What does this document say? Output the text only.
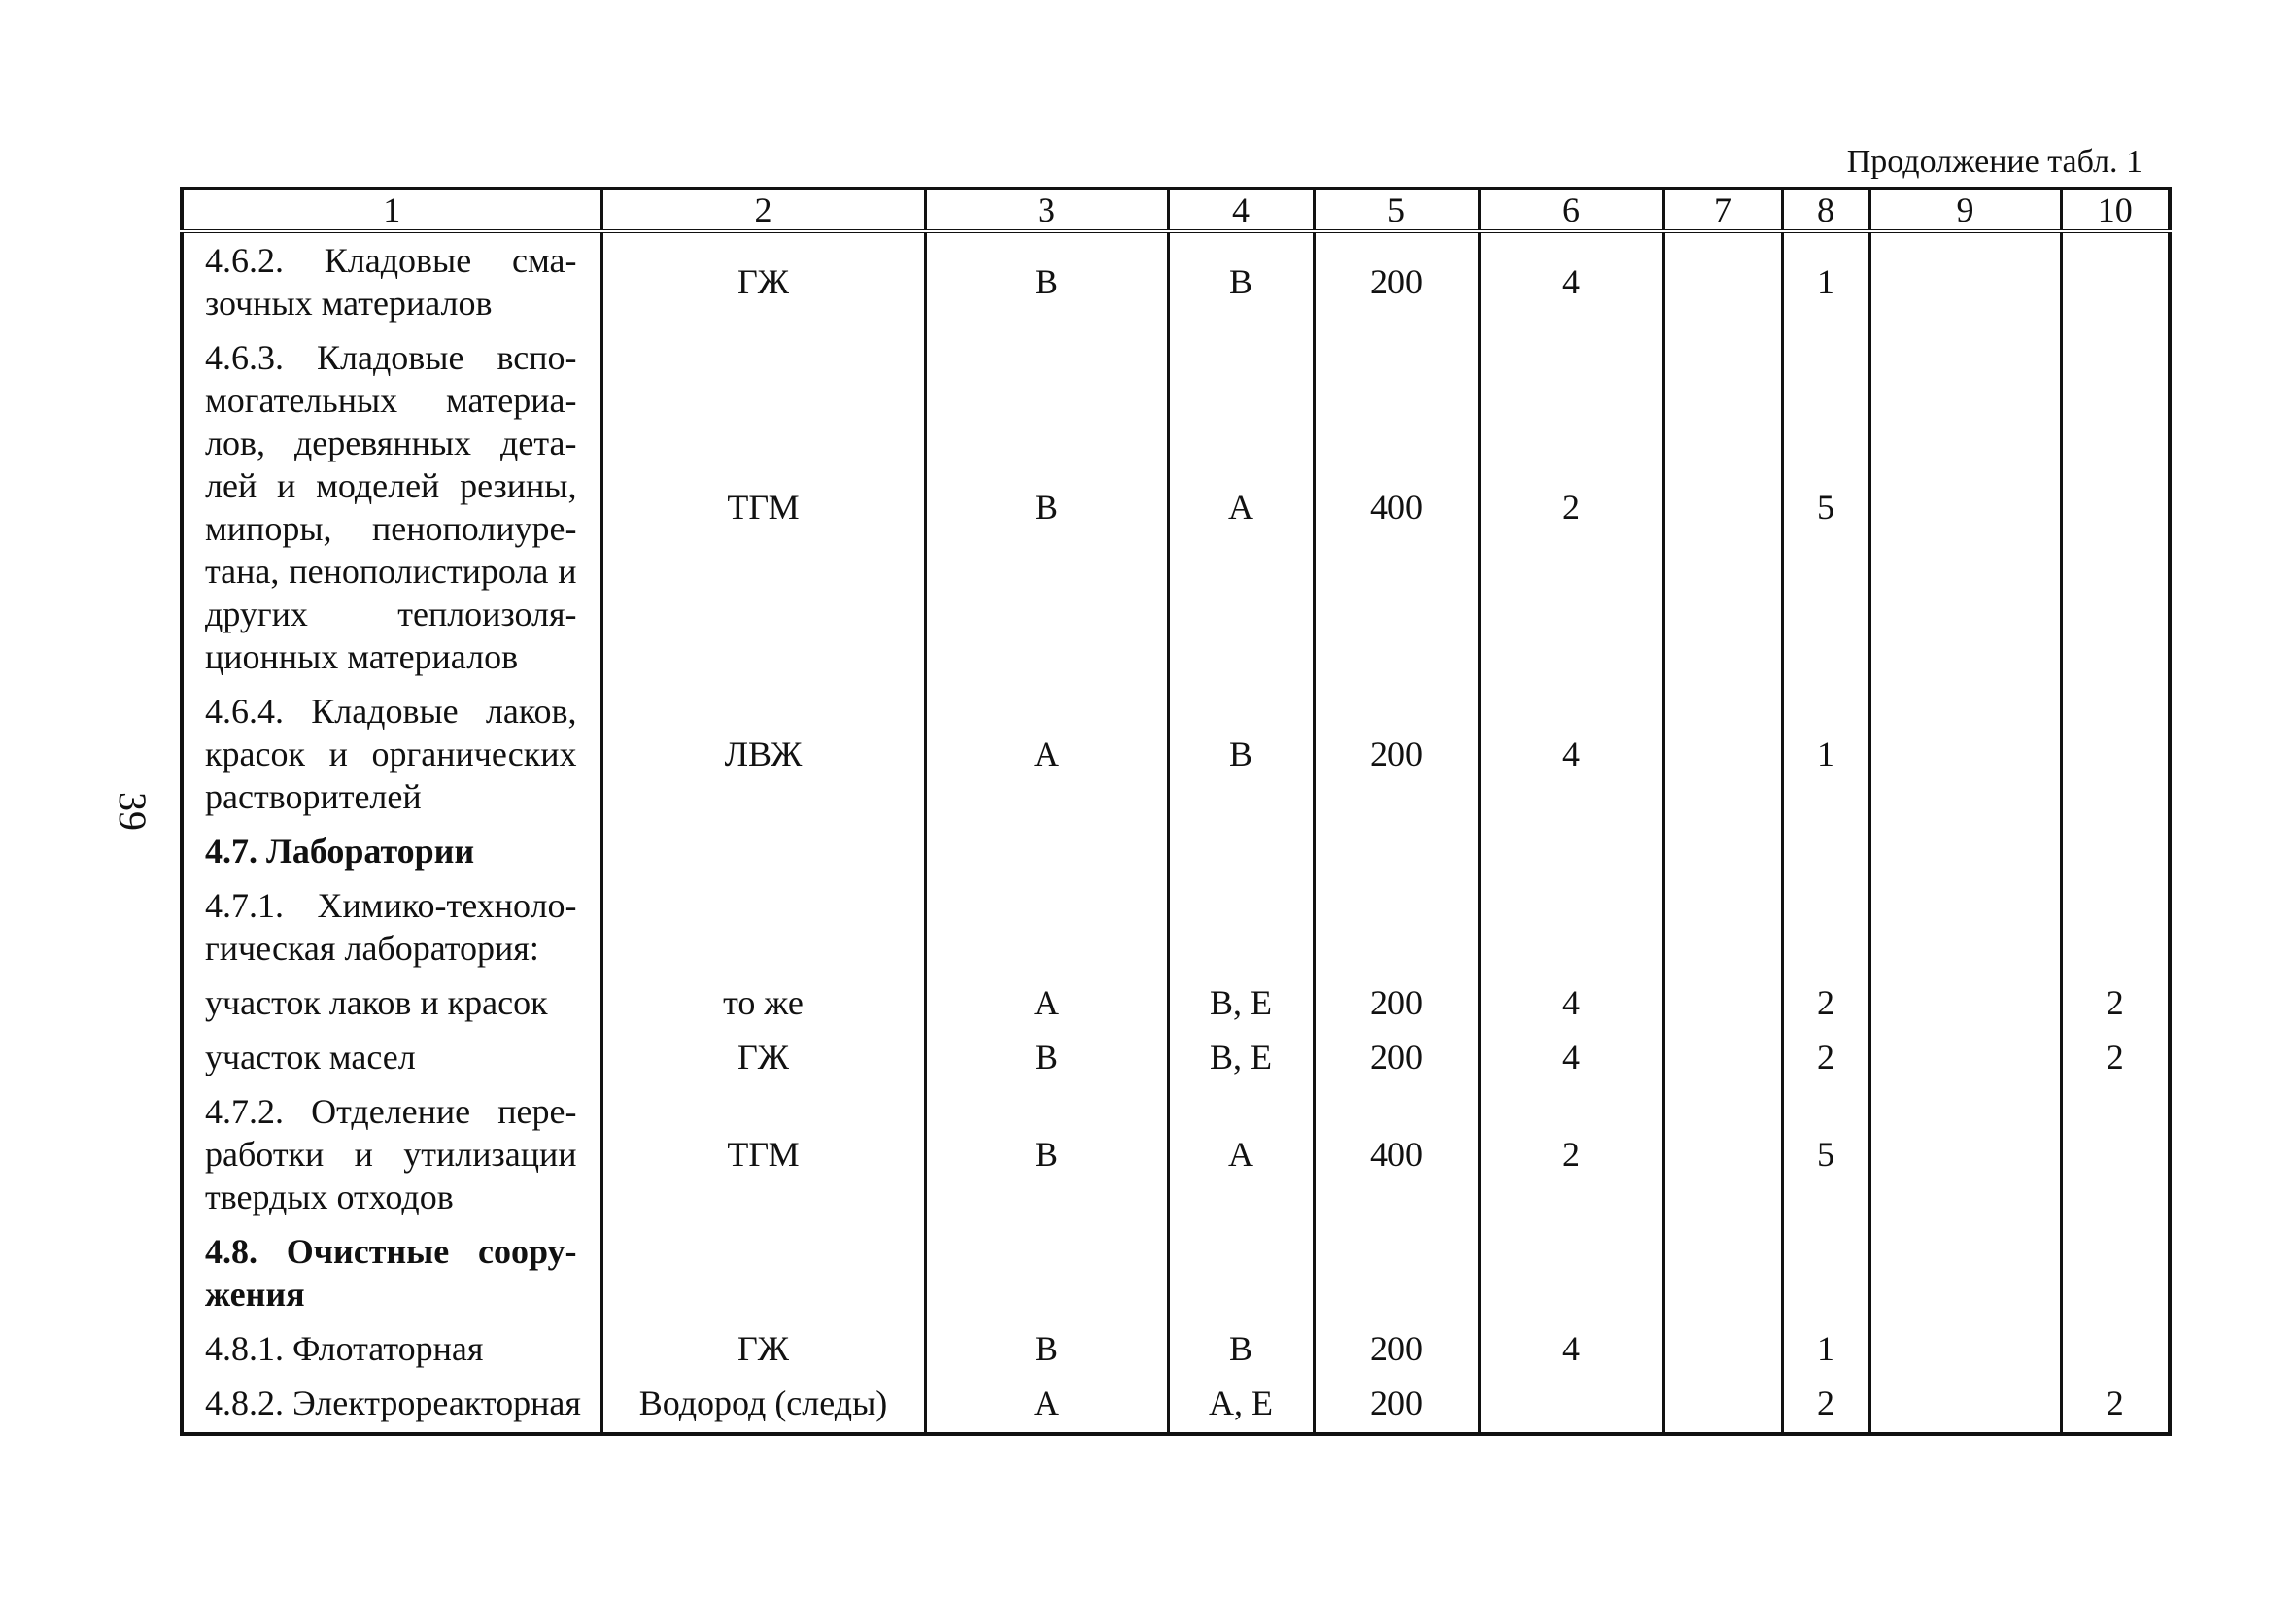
39
Продолжение табл. 1
1	2	3	4	5	6	7	8	9	10
4.6.2. Кладовые сма-зочных материалов	ГЖ	В	В	200	4		1		
4.6.3. Кладовые вспо-могательных материа-лов, деревянных дета-лей и моделей резины, мипоры, пенополиуре-тана, пенополистирола и других теплоизоля-ционных материалов	ТГМ	В	А	400	2		5		
4.6.4. Кладовые лаков, красок и органических растворителей	ЛВЖ	А	В	200	4		1		
4.7. Лаборатории									
4.7.1. Химико-техноло-гическая лаборатория:									
участок лаков и красок	то же	А	В, Е	200	4		2		2
участок масел	ГЖ	В	В, Е	200	4		2		2
4.7.2. Отделение пере-работки и утилизации твердых отходов	ТГМ	В	А	400	2		5		
4.8. Очистные соору-жения									
4.8.1. Флотаторная	ГЖ	В	В	200	4		1		
4.8.2. Электрореакторная	Водород (следы)	А	А, Е	200			2		2
